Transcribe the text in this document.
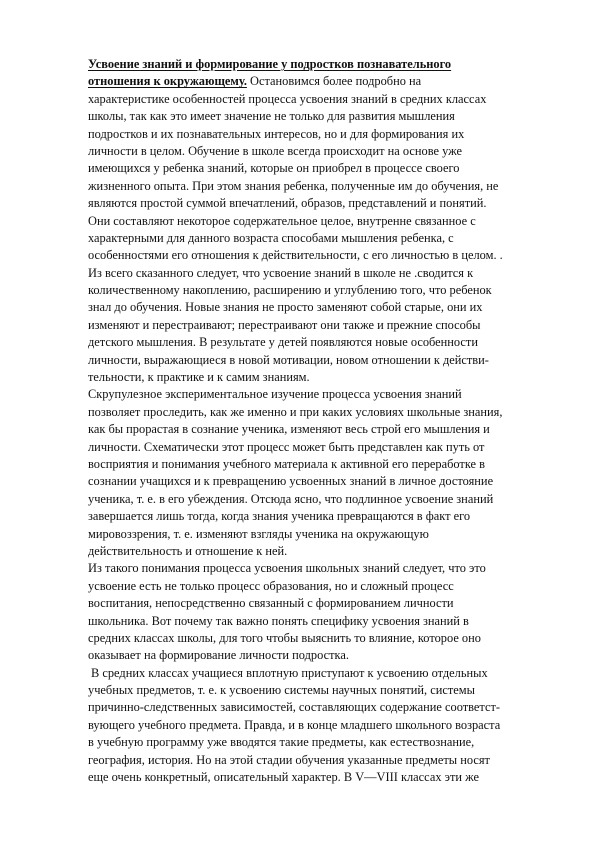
Усвоение знаний и формирование у подростков познавательного
отношения к окружающему. Остановимся более подробно на
характеристике особенностей процесса усвоения знаний в средних классах
школы, так как это имеет значение не только для развития мышления
подростков и их познавательных интересов, но и для формирования их
личности в целом. Обучение в школе всегда происходит на основе уже
имеющихся у ребенка знаний, которые он приобрел в процессе своего
жизненного опыта. При этом знания ребенка, полученные им до обучения, не
являются простой суммой впечатлений, образов, представлений и понятий.
Они составляют некоторое содержательное целое, внутренне связанное с
характерными для данного возраста способами мышления ребенка, с
особенностями его отношения к действительности, с его личностью в целом. .
Из всего сказанного следует, что усвоение знаний в школе не .сводится к
количественному накоплению, расширению и углублению того, что ребенок
знал до обучения. Новые знания не просто заменяют собой старые, они их
изменяют и перестраивают; перестраивают они также и прежние способы
детского мышления. В результате у детей появляются новые особенности
личности, выражающиеся в новой мотивации, новом отношении к действи-
тельности, к практике и к самим знаниям.
Скрупулезное экспериментальное изучение процесса усвоения знаний
позволяет проследить, как же именно и при каких условиях школьные знания,
как бы прорастая в сознание ученика, изменяют весь строй его мышления и
личности. Схематически этот процесс может быть представлен как путь от
восприятия и понимания учебного материала к активной его переработке в
сознании учащихся и к превращению усвоенных знаний в личное достояние
ученика, т. е. в его убеждения. Отсюда ясно, что подлинное усвоение знаний
завершается лишь тогда, когда знания ученика превращаются в факт его
мировоззрения, т. е. изменяют взгляды ученика на окружающую
действительность и отношение к ней.
Из такого понимания процесса усвоения школьных знаний следует, что это
усвоение есть не только процесс образования, но и сложный процесс
воспитания, непосредственно связанный с формированием личности
школьника. Вот почему так важно понять специфику усвоения знаний в
средних классах школы, для того чтобы выяснить то влияние, которое оно
оказывает на формирование личности подростка.
В средних классах учащиеся вплотную приступают к усвоению отдельных
учебных предметов, т. е. к усвоению системы научных понятий, системы
причинно-следственных зависимостей, составляющих содержание соответст-
вующего учебного предмета. Правда, и в конце младшего школьного возраста
в учебную программу уже вводятся такие предметы, как естествознание,
география, история. Но на этой стадии обучения указанные предметы носят
еще очень конкретный, описательный характер. В V—VIII классах эти же
